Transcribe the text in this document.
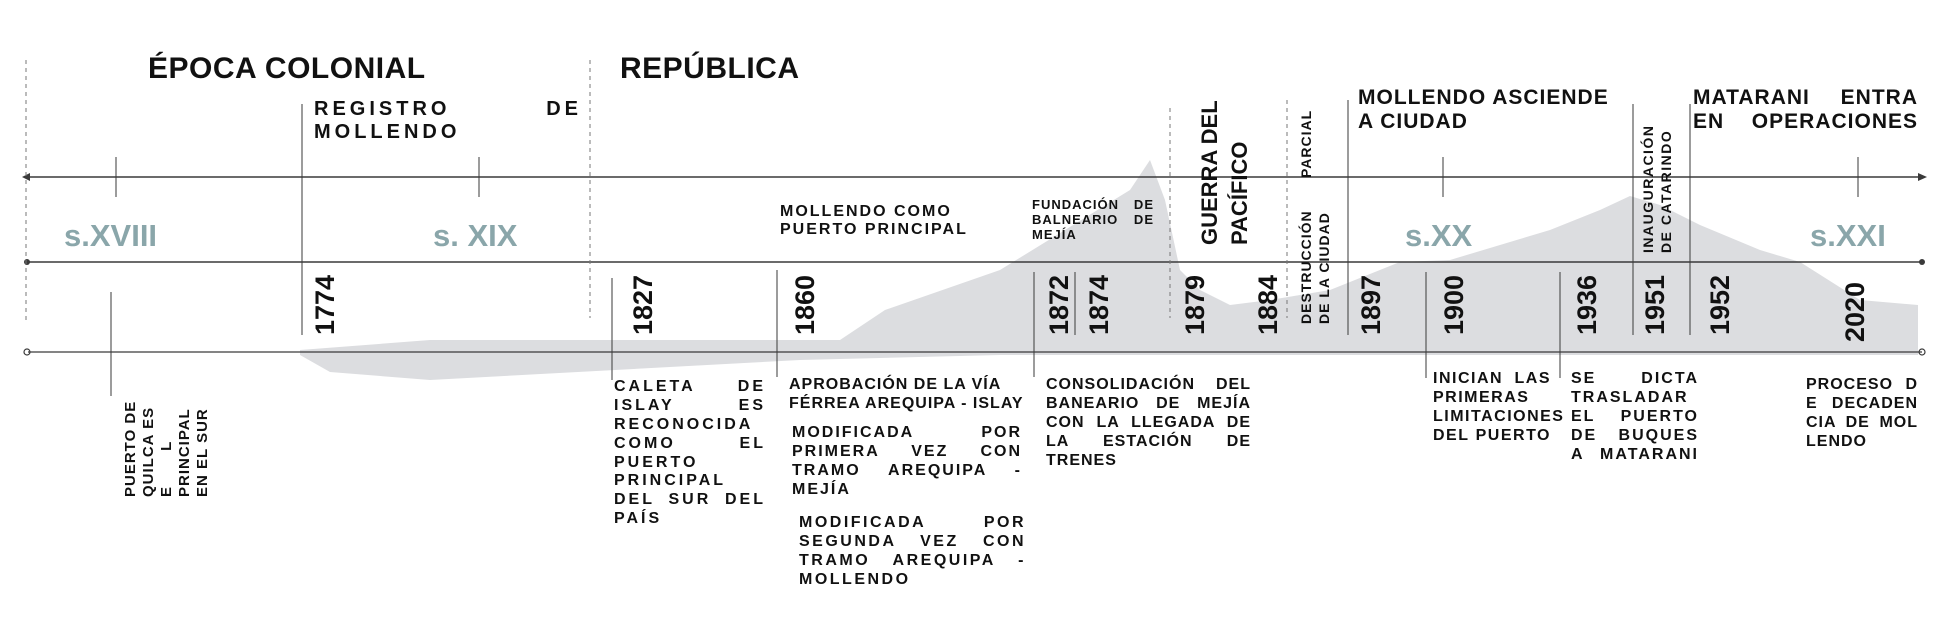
ÉPOCA COLONIAL	REPÚBLICA

s.XVIII	s. XIX	s.XX	s.XXI

REGISTRO DE MOLLENDO

MOLLENDO COMO PUERTO PRINCIPAL

FUNDACIÓN DE BALNEARIO DE MEJÍA	GUERRA DEL PACÍFICO	PARCIAL

DESTRUCCIÓN DE LA CIUDAD

MOLLENDO ASCIENDE A CIUDAD

INAUGURACIÓN DE CATARINDO

MATARANI ENTRA EN OPERACIONES

1774	1827	1860	1872 1874 1879 1884	1897 1900	1936 1951 1952	2020

PUERTO DE QUILCA ES E L PRINCIPAL EN EL SUR

CALETA DE ISLAY ES RECONOCIDA COMO EL PUERTO PRINCIPAL DEL SUR DEL PAÍS

APROBACIÓN DE LA VÍA FÉRREA AREQUIPA - ISLAY

MODIFICADA POR PRIMERA VEZ CON TRAMO AREQUIPA - MEJÍA

MODIFICADA POR SEGUNDA VEZ CON TRAMO AREQUIPA - MOLLENDO

CONSOLIDACIÓN DEL BANEARIO DE MEJÍA CON LA LLEGADA DE LA ESTACIÓN DE TRENES

INICIAN LAS PRIMERAS LIMITACIONES DEL PUERTO

SE DICTA TRASLADAR EL PUERTO DE BUQUES A MATARANI

PROCESO DE DECADENCIA DE MOLLENDO
